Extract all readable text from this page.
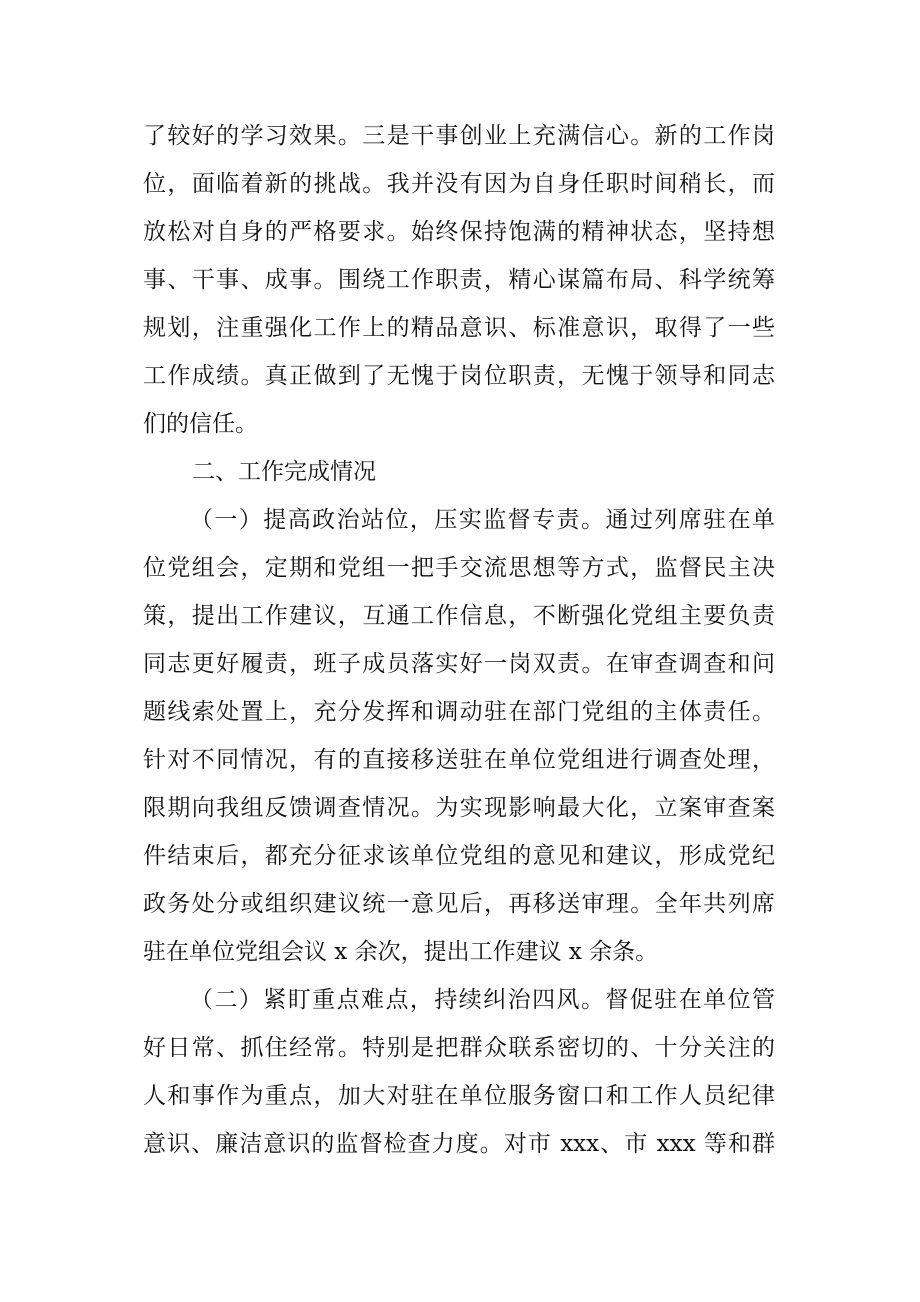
了较好的学习效果。三是干事创业上充满信心。新的工作岗

位，面临着新的挑战。我并没有因为自身任职时间稍长，而

放松对自身的严格要求。始终保持饱满的精神状态，坚持想

事、干事、成事。围绕工作职责，精心谋篇布局、科学统筹

规划，注重强化工作上的精品意识、标准意识，取得了一些

工作成绩。真正做到了无愧于岗位职责，无愧于领导和同志

们的信任。

二、工作完成情况

（一）提高政治站位，压实监督专责。通过列席驻在单

位党组会，定期和党组一把手交流思想等方式，监督民主决

策，提出工作建议，互通工作信息，不断强化党组主要负责

同志更好履责，班子成员落实好一岗双责。在审查调查和问

题线索处置上，充分发挥和调动驻在部门党组的主体责任。

针对不同情况，有的直接移送驻在单位党组进行调查处理，

限期向我组反馈调查情况。为实现影响最大化，立案审查案

件结束后，都充分征求该单位党组的意见和建议，形成党纪

政务处分或组织建议统一意见后，再移送审理。全年共列席

驻在单位党组会议 x 余次，提出工作建议 x 余条。

（二）紧盯重点难点，持续纠治四风。督促驻在单位管

好日常、抓住经常。特别是把群众联系密切的、十分关注的

人和事作为重点，加大对驻在单位服务窗口和工作人员纪律

意识、廉洁意识的监督检查力度。对市 xxx、市 xxx 等和群
